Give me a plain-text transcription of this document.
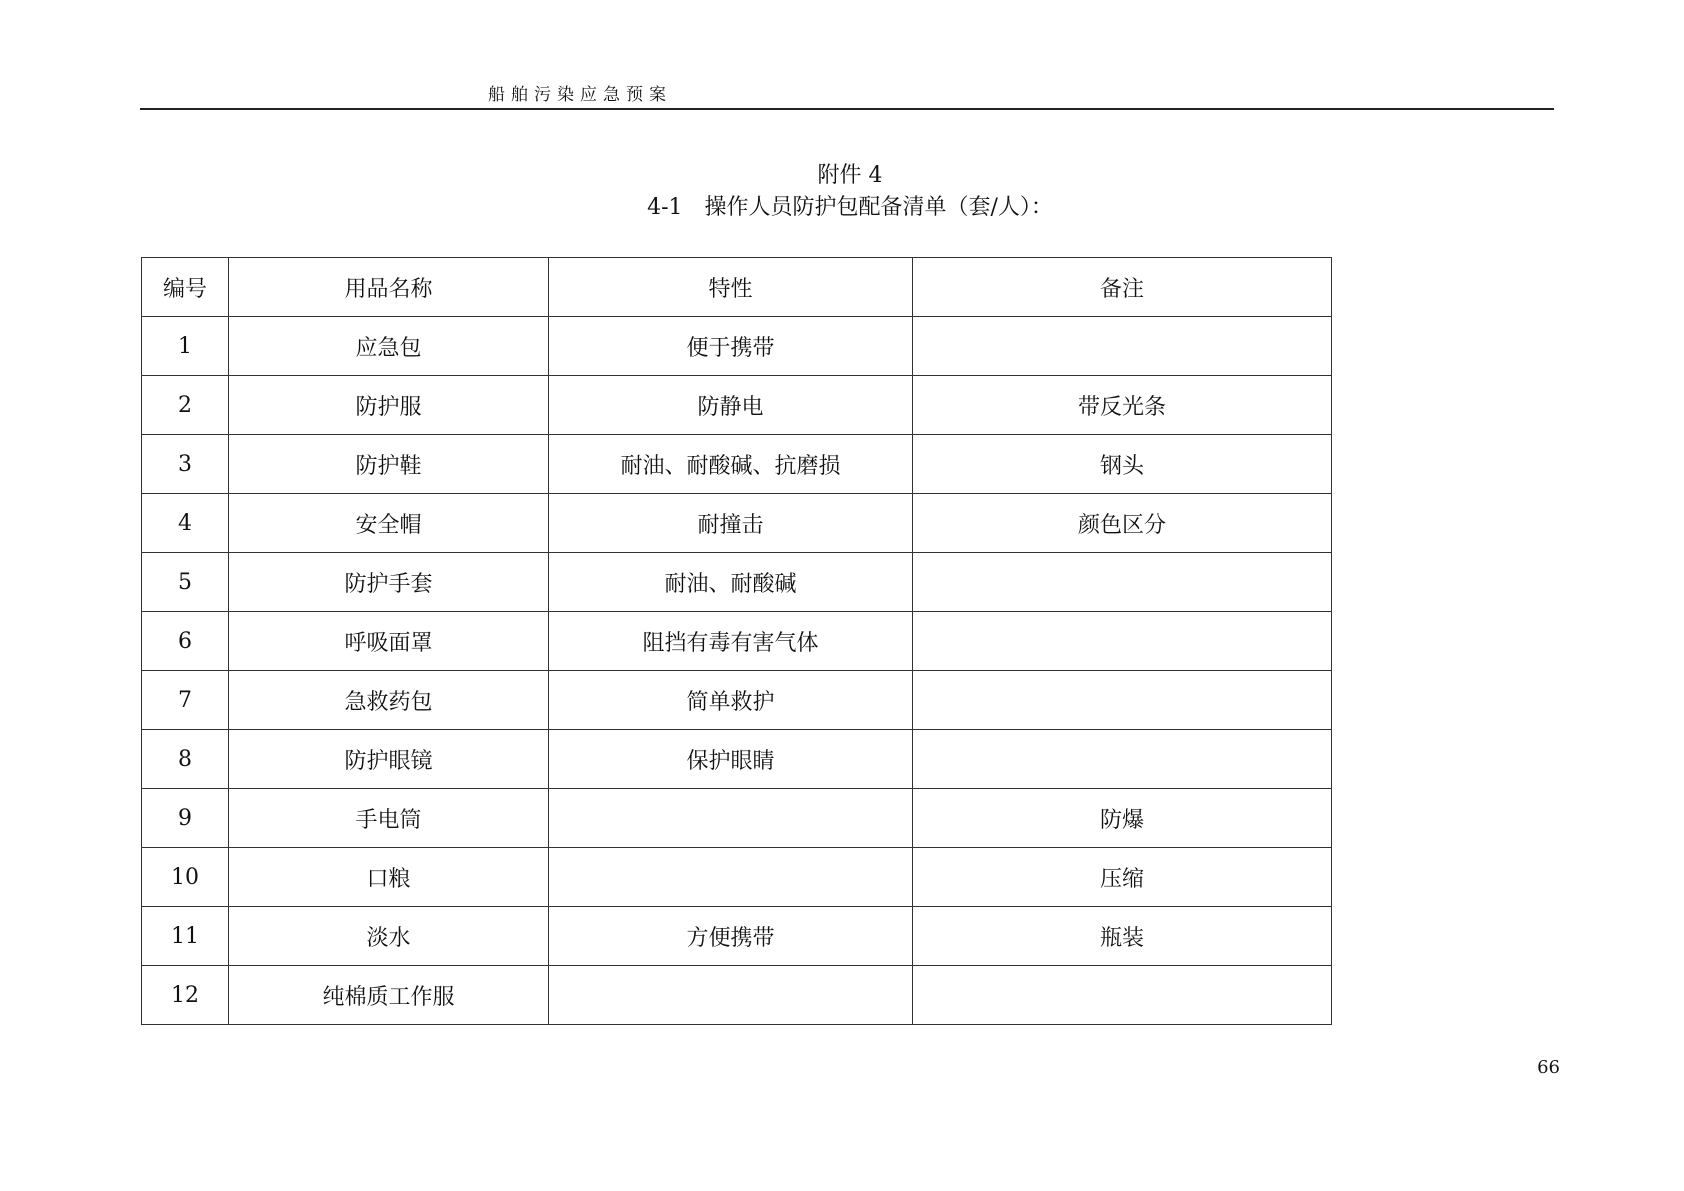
船舶污染应急预案
附件 4
4-1　操作人员防护包配备清单（套/人）：
编号	用品名称	特性	备注
1	应急包	便于携带	
2	防护服	防静电	带反光条
3	防护鞋	耐油、耐酸碱、抗磨损	钢头
4	安全帽	耐撞击	颜色区分
5	防护手套	耐油、耐酸碱	
6	呼吸面罩	阻挡有毒有害气体	
7	急救药包	简单救护	
8	防护眼镜	保护眼睛	
9	手电筒		防爆
10	口粮		压缩
11	淡水	方便携带	瓶装
12	纯棉质工作服		
66
